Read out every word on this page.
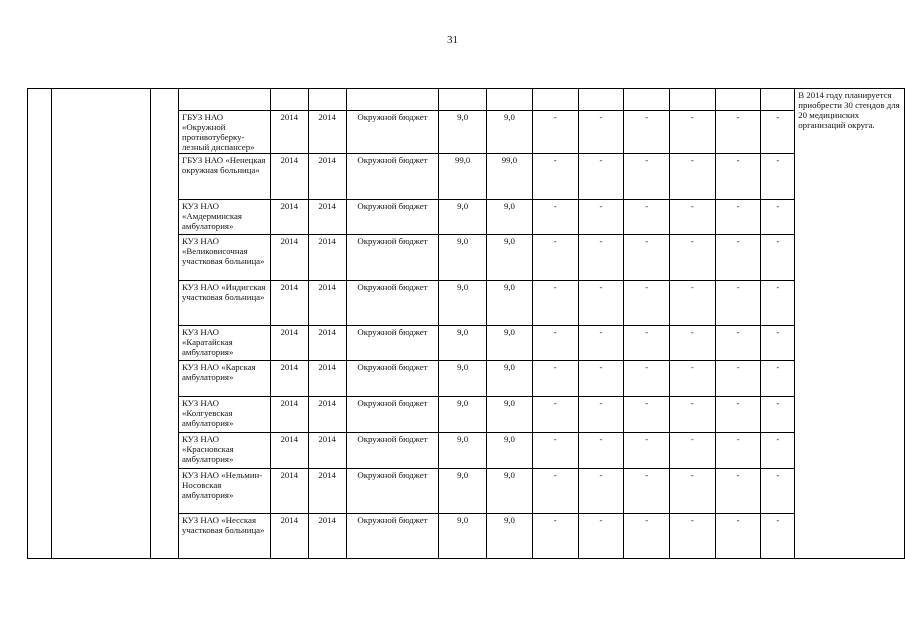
31
															В 2014 году планируется приобрести 30 стендов для 20 медицинских организаций округа.
			ГБУЗ НАО «Окружной противотуберку-лезный диспансер»	2014	2014	Окружной бюджет	9,0	9,0	-	-	-	-	-	-	
			ГБУЗ НАО «Ненецкая окружная больница»	2014	2014	Окружной бюджет	99,0	99,0	-	-	-	-	-	-	
			КУЗ НАО «Амдерминская амбулатория»	2014	2014	Окружной бюджет	9,0	9,0	-	-	-	-	-	-	
			КУЗ НАО «Великовисочная участковая больница»	2014	2014	Окружной бюджет	9,0	9,0	-	-	-	-	-	-	
			КУЗ НАО «Индигская участковая больница»	2014	2014	Окружной бюджет	9,0	9,0	-	-	-	-	-	-	
			КУЗ НАО «Каратайская амбулатория»	2014	2014	Окружной бюджет	9,0	9,0	-	-	-	-	-	-	
			КУЗ НАО «Карская амбулатория»	2014	2014	Окружной бюджет	9,0	9,0	-	-	-	-	-	-	
			КУЗ НАО «Колгуевская амбулатория»	2014	2014	Окружной бюджет	9,0	9,0	-	-	-	-	-	-	
			КУЗ НАО «Красновская амбулатория»	2014	2014	Окружной бюджет	9,0	9,0	-	-	-	-	-	-	
			КУЗ НАО «Нельмин-Носовская амбулатория»	2014	2014	Окружной бюджет	9,0	9,0	-	-	-	-	-	-	
			КУЗ НАО «Несская участковая больница»	2014	2014	Окружной бюджет	9,0	9,0	-	-	-	-	-	-	
